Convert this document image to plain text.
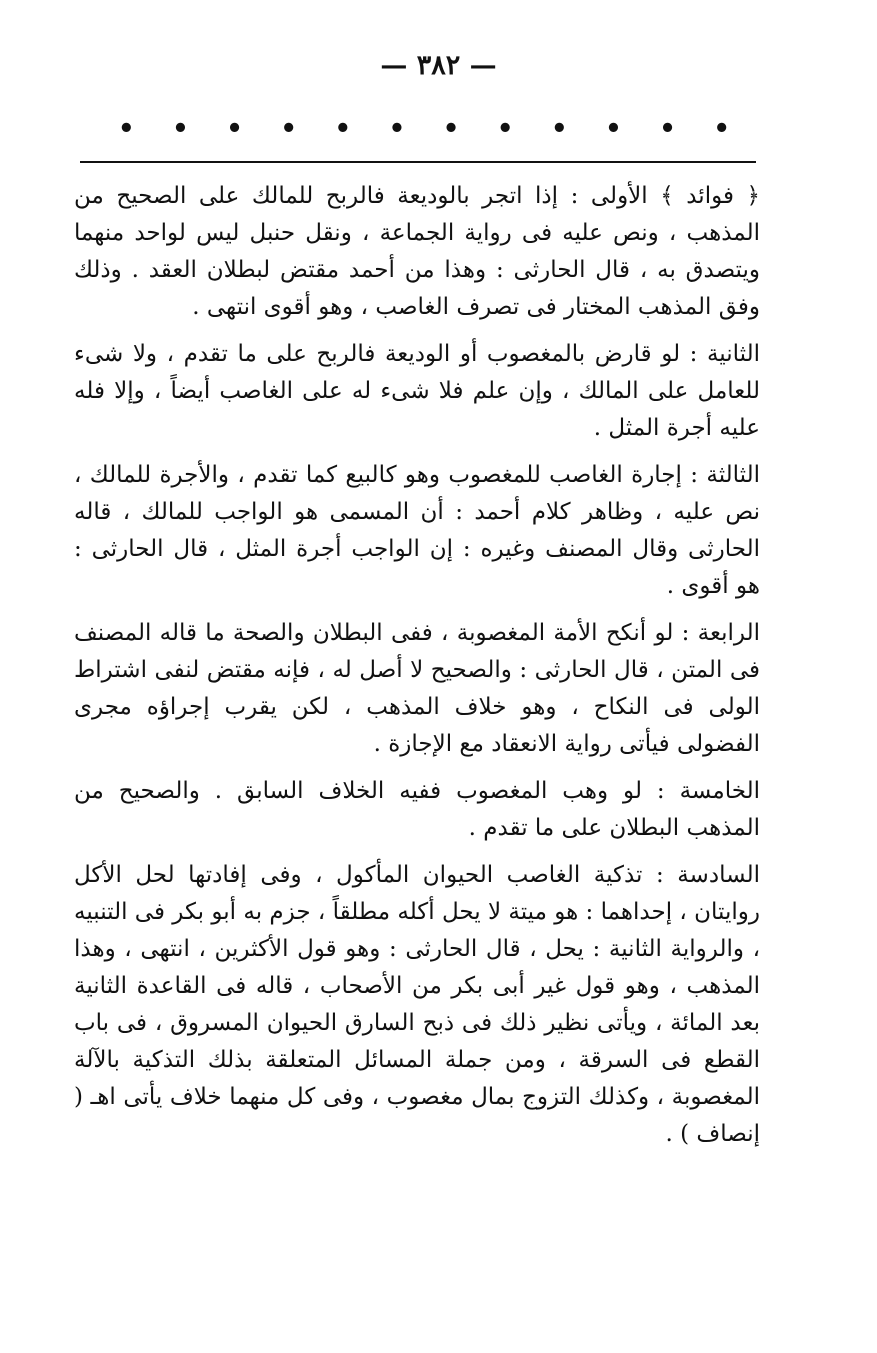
— ٣٨٢ —
• • • • • • • • • • • •

﴿ فوائد ﴾ الأولى : إذا اتجر بالوديعة فالربح للمالك على الصحيح من المذهب ، ونص عليه فى رواية الجماعة ، ونقل حنبل ليس لواحد منهما ويتصدق به ، قال الحارثى : وهذا من أحمد مقتض لبطلان العقد . وذلك وفق المذهب المختار فى تصرف الغاصب ، وهو أقوى انتهى .

الثانية : لو قارض بالمغصوب أو الوديعة فالربح على ما تقدم ، ولا شىء للعامل على المالك ، وإن علم فلا شىء له على الغاصب أيضاً ، وإلا فله عليه أجرة المثل .

الثالثة : إجارة الغاصب للمغصوب وهو كالبيع كما تقدم ، والأجرة للمالك ، نص عليه ، وظاهر كلام أحمد : أن المسمى هو الواجب للمالك ، قاله الحارثى وقال المصنف وغيره : إن الواجب أجرة المثل ، قال الحارثى : هو أقوى .

الرابعة : لو أنكح الأمة المغصوبة ، ففى البطلان والصحة ما قاله المصنف فى المتن ، قال الحارثى : والصحيح لا أصل له ، فإنه مقتض لنفى اشتراط الولى فى النكاح ، وهو خلاف المذهب ، لكن يقرب إجراؤه مجرى الفضولى فيأتى رواية الانعقاد مع الإجازة .

الخامسة : لو وهب المغصوب ففيه الخلاف السابق . والصحيح من المذهب البطلان على ما تقدم .

السادسة : تذكية الغاصب الحيوان المأكول ، وفى إفادتها لحل الأكل روايتان ، إحداهما : هو ميتة لا يحل أكله مطلقاً ، جزم به أبو بكر فى التنبيه ، والرواية الثانية : يحل ، قال الحارثى : وهو قول الأكثرين ، انتهى ، وهذا المذهب ، وهو قول غير أبى بكر من الأصحاب ، قاله فى القاعدة الثانية بعد المائة ، ويأتى نظير ذلك فى ذبح السارق الحيوان المسروق ، فى باب القطع فى السرقة ، ومن جملة المسائل المتعلقة بذلك التذكية بالآلة المغصوبة ، وكذلك التزوج بمال مغصوب ، وفى كل منهما خلاف يأتى اهـ ( إنصاف ) .
